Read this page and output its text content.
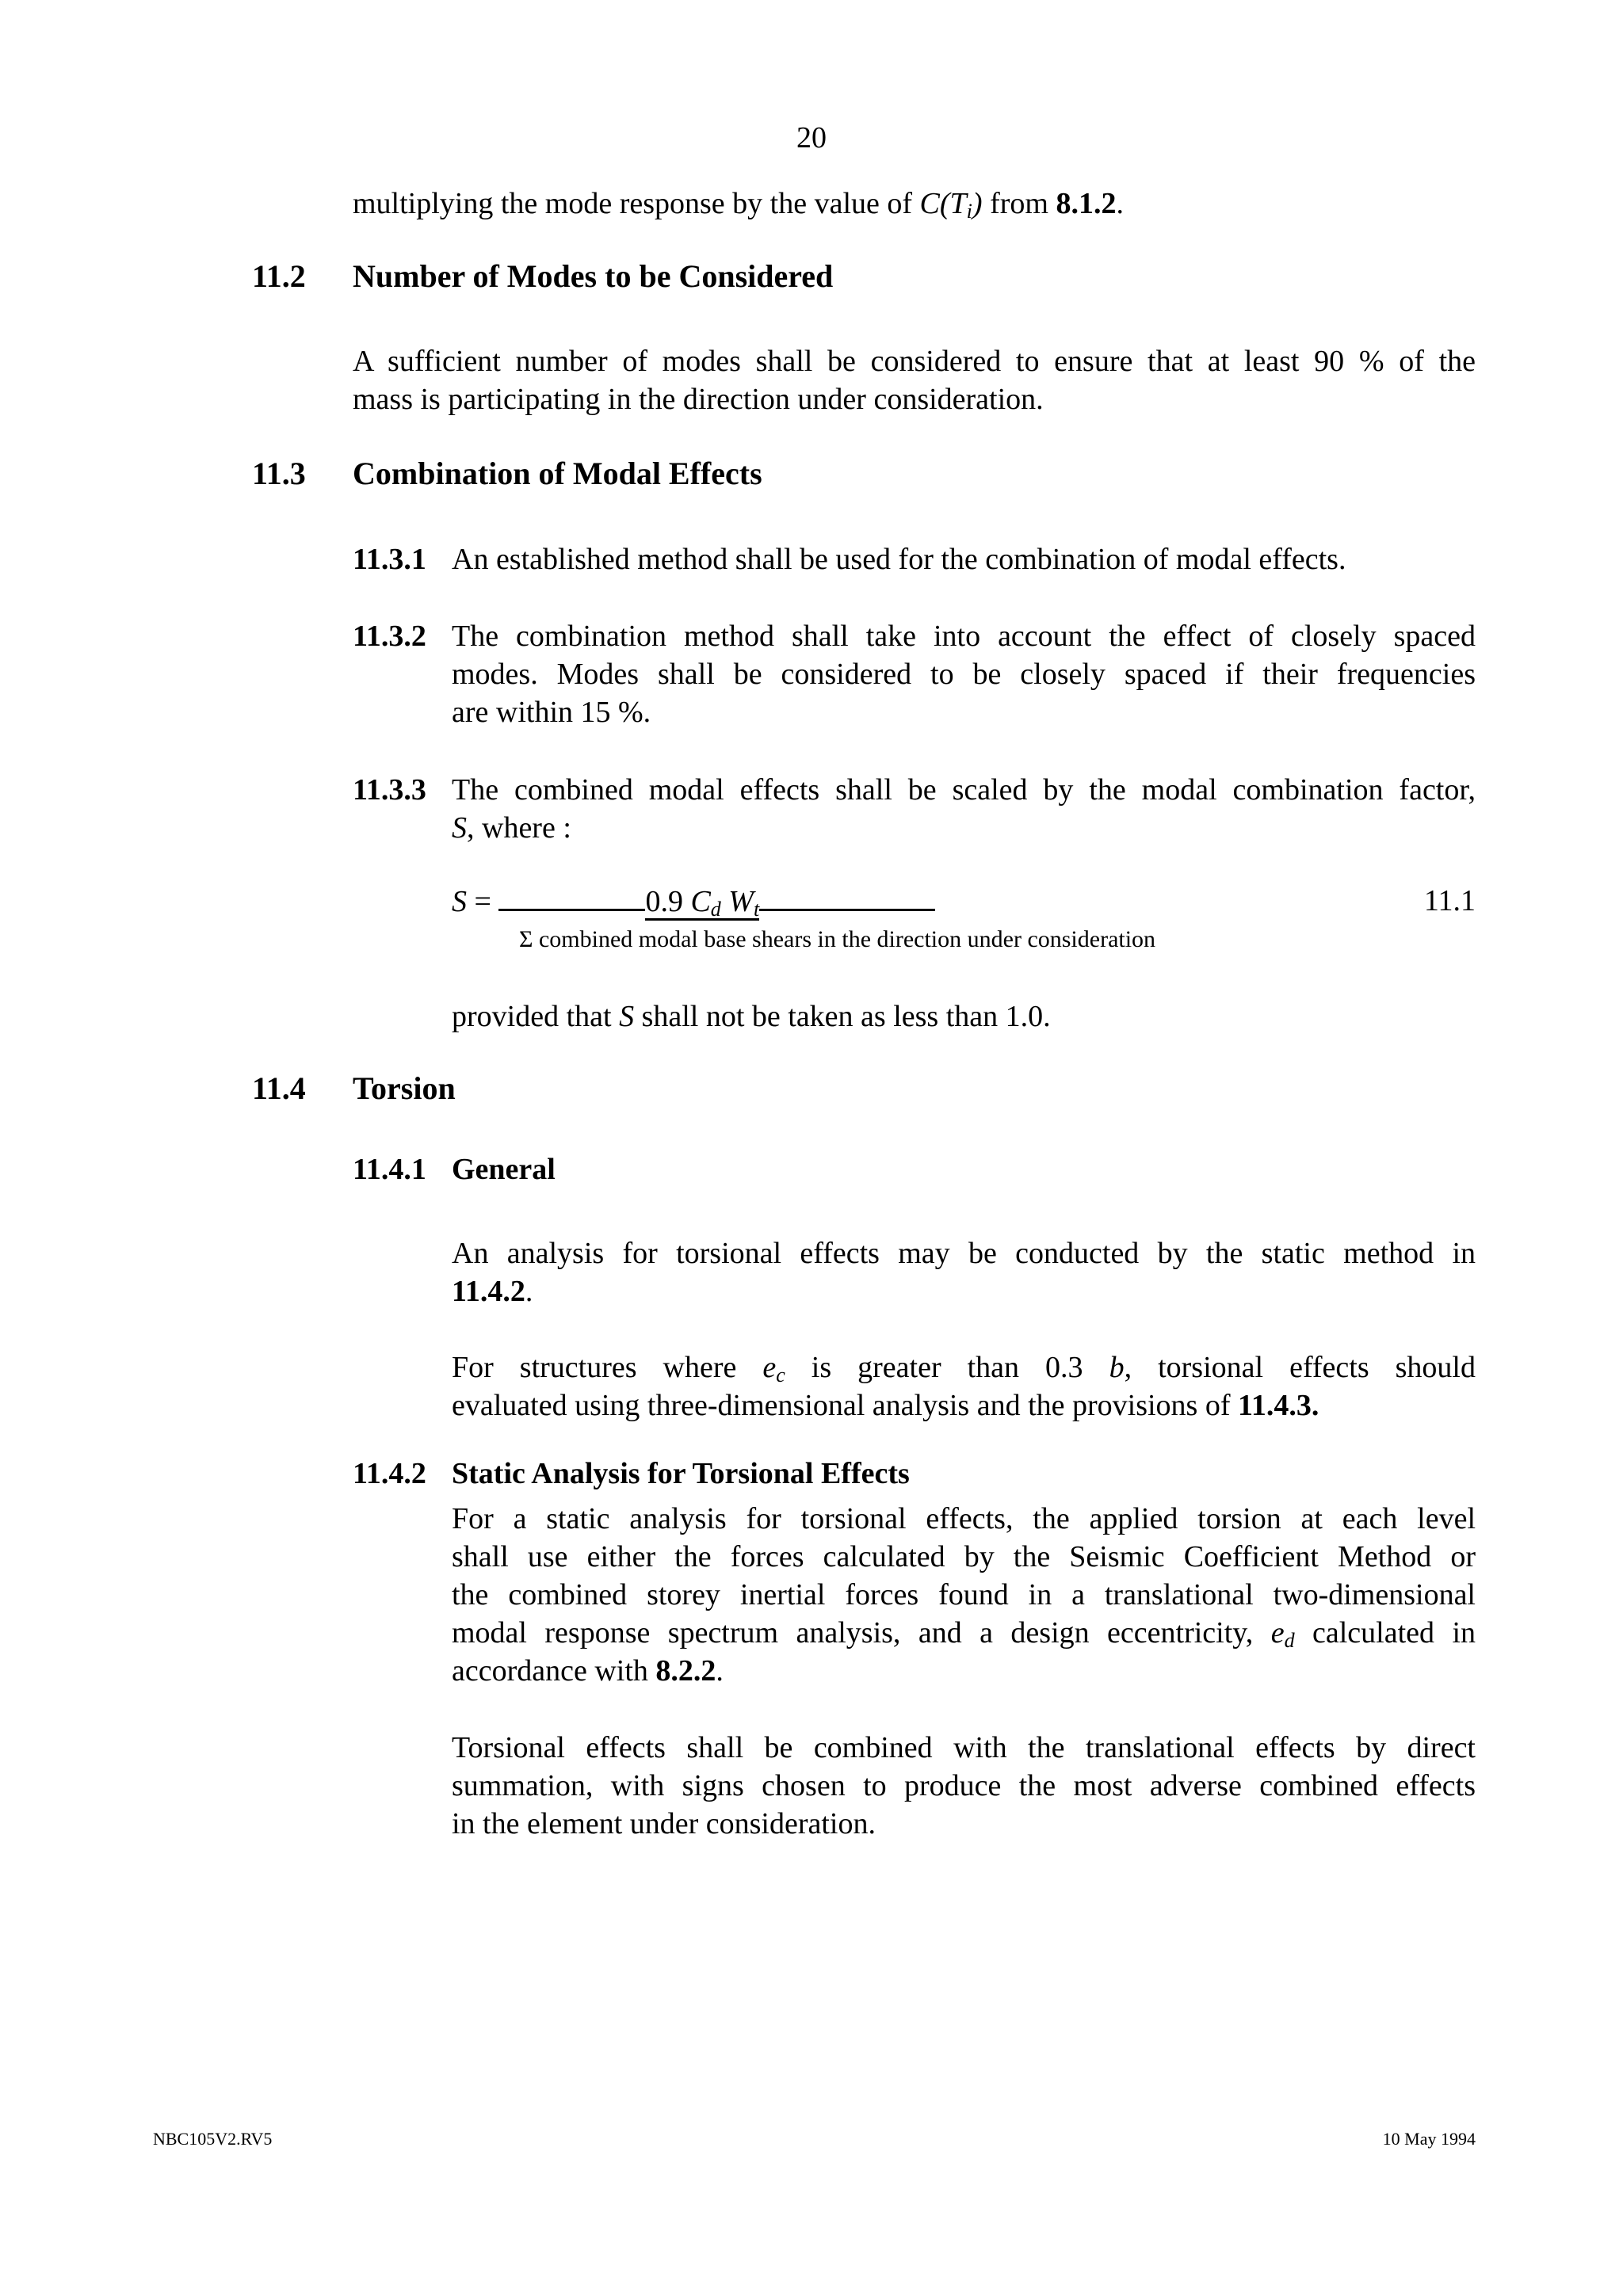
20
multiplying the mode response by the value of $C(T_i)$ from 8.1.2.
11.2 Number of Modes to be Considered
A sufficient number of modes shall be considered to ensure that at least 90 % of the
mass is participating in the direction under consideration.
11.3 Combination of Modal Effects
11.3.1 An established method shall be used for the combination of modal effects.
11.3.2 The combination method shall take into account the effect of closely spaced
modes. Modes shall be considered to be closely spaced if their frequencies
are within 15 %.
11.3.3 The combined modal effects shall be scaled by the modal combination factor,
S, where :
S =	0.9 $C_d$ $W_t$
Σ combined modal base shears in the direction under consideration
11.1
provided that S shall not be taken as less than 1.0.
11.4 Torsion
11.4.1 General
An analysis for torsional effects may be conducted by the static method in
11.4.2.
For structures where $e_c$ is greater than 0.3 b, torsional effects should
evaluated using three-dimensional analysis and the provisions of 11.4.3.
11.4.2 Static Analysis for Torsional Effects
For a static analysis for torsional effects, the applied torsion at each level
shall use either the forces calculated by the Seismic Coefficient Method or
the combined storey inertial forces found in a translational two-dimensional
modal response spectrum analysis, and a design eccentricity, $e_d$ calculated in
accordance with 8.2.2.
Torsional effects shall be combined with the translational effects by direct
summation, with signs chosen to produce the most adverse combined effects
in the element under consideration.
NBC105V2.RV5	10 May 1994
